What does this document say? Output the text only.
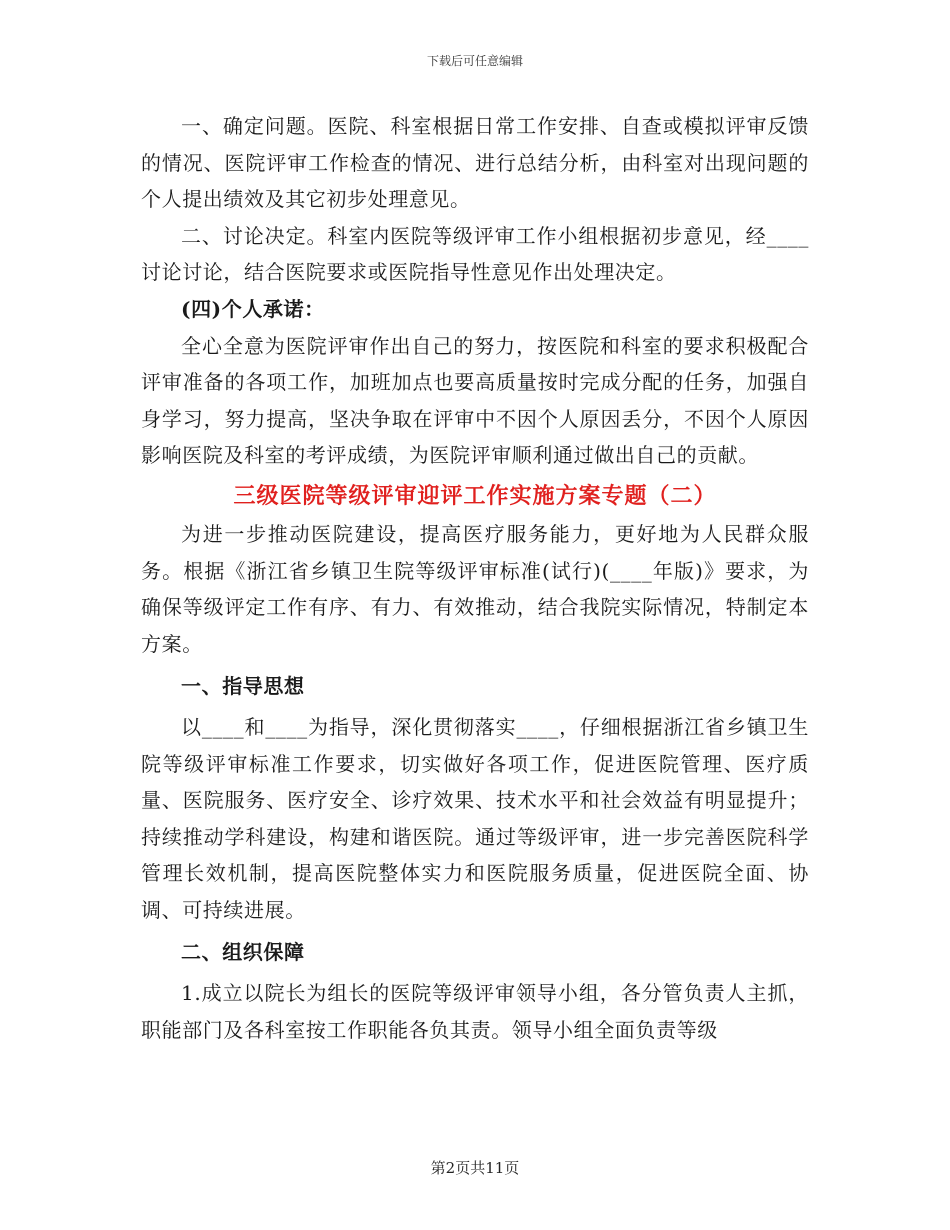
下载后可任意编辑

一、确定问题。医院、科室根据日常工作安排、自查或模拟评审反馈的情况、医院评审工作检查的情况、进行总结分析，由科室对出现问题的个人提出绩效及其它初步处理意见。

二、讨论决定。科室内医院等级评审工作小组根据初步意见，经____讨论讨论，结合医院要求或医院指导性意见作出处理决定。

(四)个人承诺：

全心全意为医院评审作出自己的努力，按医院和科室的要求积极配合评审准备的各项工作，加班加点也要高质量按时完成分配的任务，加强自身学习，努力提高，坚决争取在评审中不因个人原因丢分，不因个人原因影响医院及科室的考评成绩，为医院评审顺利通过做出自己的贡献。

三级医院等级评审迎评工作实施方案专题（二）

为进一步推动医院建设，提高医疗服务能力，更好地为人民群众服务。根据《浙江省乡镇卫生院等级评审标准(试行)(____年版)》要求，为确保等级评定工作有序、有力、有效推动，结合我院实际情况，特制定本方案。

一、指导思想

以____和____为指导，深化贯彻落实____，仔细根据浙江省乡镇卫生院等级评审标准工作要求，切实做好各项工作，促进医院管理、医疗质量、医院服务、医疗安全、诊疗效果、技术水平和社会效益有明显提升；持续推动学科建设，构建和谐医院。通过等级评审，进一步完善医院科学管理长效机制，提高医院整体实力和医院服务质量，促进医院全面、协调、可持续进展。

二、组织保障

1.成立以院长为组长的医院等级评审领导小组，各分管负责人主抓，职能部门及各科室按工作职能各负其责。领导小组全面负责等级

第2页共11页
